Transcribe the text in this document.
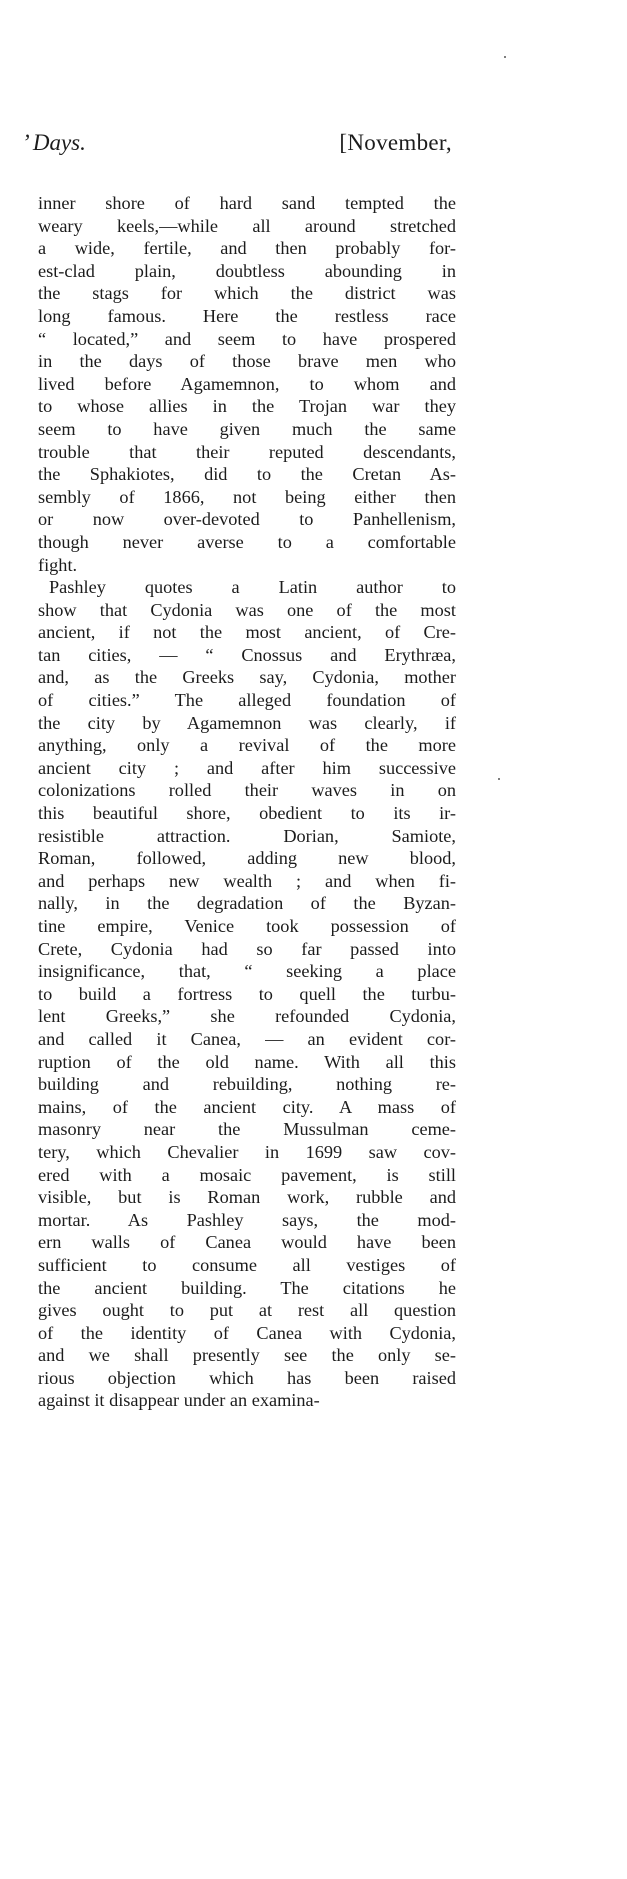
’ Days.	[November,
inner shore of hard sand tempted the
weary keels,—while all around stretched
a wide, fertile, and then probably for-
est-clad plain, doubtless abounding in
the stags for which the district was
long famous. Here the restless race
“ located,” and seem to have prospered
in the days of those brave men who
lived before Agamemnon, to whom and
to whose allies in the Trojan war they
seem to have given much the same
trouble that their reputed descendants,
the Sphakiotes, did to the Cretan As-
sembly of 1866, not being either then
or now over-devoted to Panhellenism,
though never averse to a comfortable
fight.
Pashley quotes a Latin author to
show that Cydonia was one of the most
ancient, if not the most ancient, of Cre-
tan cities, — “ Cnossus and Erythræa,
and, as the Greeks say, Cydonia, mother
of cities.” The alleged foundation of
the city by Agamemnon was clearly, if
anything, only a revival of the more
ancient city ; and after him successive
colonizations rolled their waves in on
this beautiful shore, obedient to its ir-
resistible attraction. Dorian, Samiote,
Roman, followed, adding new blood,
and perhaps new wealth ; and when fi-
nally, in the degradation of the Byzan-
tine empire, Venice took possession of
Crete, Cydonia had so far passed into
insignificance, that, “ seeking a place
to build a fortress to quell the turbu-
lent Greeks,” she refounded Cydonia,
and called it Canea, — an evident cor-
ruption of the old name. With all this
building and rebuilding, nothing re-
mains, of the ancient city. A mass of
masonry near the Mussulman ceme-
tery, which Chevalier in 1699 saw cov-
ered with a mosaic pavement, is still
visible, but is Roman work, rubble and
mortar. As Pashley says, the mod-
ern walls of Canea would have been
sufficient to consume all vestiges of
the ancient building. The citations he
gives ought to put at rest all question
of the identity of Canea with Cydonia,
and we shall presently see the only se-
rious objection which has been raised
against it disappear under an examina-
